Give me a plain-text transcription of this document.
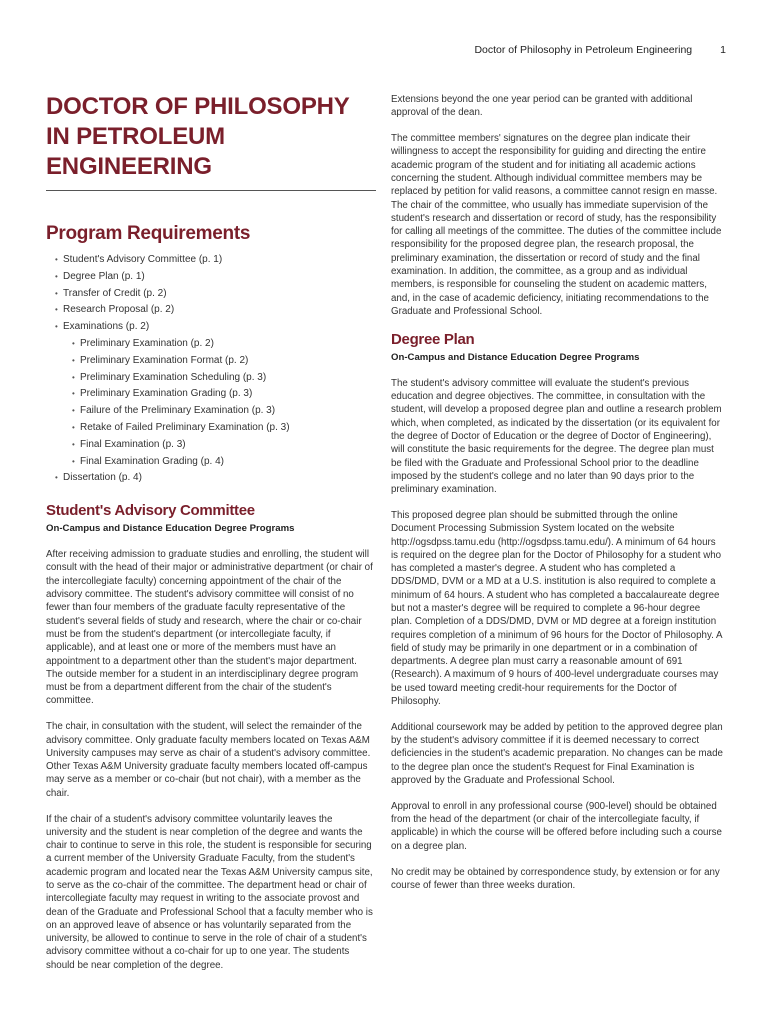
Doctor of Philosophy in Petroleum Engineering	1
DOCTOR OF PHILOSOPHY IN PETROLEUM ENGINEERING
Program Requirements
• Student's Advisory Committee (p. 1)
• Degree Plan (p. 1)
• Transfer of Credit (p. 2)
• Research Proposal (p. 2)
• Examinations (p. 2)
• Preliminary Examination (p. 2)
• Preliminary Examination Format (p. 2)
• Preliminary Examination Scheduling (p. 3)
• Preliminary Examination Grading (p. 3)
• Failure of the Preliminary Examination (p. 3)
• Retake of Failed Preliminary Examination (p. 3)
• Final Examination (p. 3)
• Final Examination Grading (p. 4)
• Dissertation (p. 4)
Student's Advisory Committee
On-Campus and Distance Education Degree Programs

After receiving admission to graduate studies and enrolling, the student will consult with the head of their major or administrative department (or chair of the intercollegiate faculty) concerning appointment of the chair of the advisory committee. The student's advisory committee will consist of no fewer than four members of the graduate faculty representative of the student's several fields of study and research, where the chair or co-chair must be from the student's department (or intercollegiate faculty, if applicable), and at least one or more of the members must have an appointment to a department other than the student's major department. The outside member for a student in an interdisciplinary degree program must be from a department different from the chair of the student's committee.

The chair, in consultation with the student, will select the remainder of the advisory committee. Only graduate faculty members located on Texas A&M University campuses may serve as chair of a student's advisory committee. Other Texas A&M University graduate faculty members located off-campus may serve as a member or co-chair (but not chair), with a member as the chair.

If the chair of a student's advisory committee voluntarily leaves the university and the student is near completion of the degree and wants the chair to continue to serve in this role, the student is responsible for securing a current member of the University Graduate Faculty, from the student's academic program and located near the Texas A&M University campus site, to serve as the co-chair of the committee. The department head or chair of intercollegiate faculty may request in writing to the associate provost and dean of the Graduate and Professional School that a faculty member who is on an approved leave of absence or has voluntarily separated from the university, be allowed to continue to serve in the role of chair of a student's advisory committee without a co-chair for up to one year. The students should be near completion of the degree.

Extensions beyond the one year period can be granted with additional approval of the dean.

The committee members' signatures on the degree plan indicate their willingness to accept the responsibility for guiding and directing the entire academic program of the student and for initiating all academic actions concerning the student. Although individual committee members may be replaced by petition for valid reasons, a committee cannot resign en masse. The chair of the committee, who usually has immediate supervision of the student's research and dissertation or record of study, has the responsibility for calling all meetings of the committee. The duties of the committee include responsibility for the proposed degree plan, the research proposal, the preliminary examination, the dissertation or record of study and the final examination. In addition, the committee, as a group and as individual members, is responsible for counseling the student on academic matters, and, in the case of academic deficiency, initiating recommendations to the Graduate and Professional School.

Degree Plan
On-Campus and Distance Education Degree Programs

The student's advisory committee will evaluate the student's previous education and degree objectives. The committee, in consultation with the student, will develop a proposed degree plan and outline a research problem which, when completed, as indicated by the dissertation (or its equivalent for the degree of Doctor of Education or the degree of Doctor of Engineering), will constitute the basic requirements for the degree. The degree plan must be filed with the Graduate and Professional School prior to the deadline imposed by the student's college and no later than 90 days prior to the preliminary examination.

This proposed degree plan should be submitted through the online Document Processing Submission System located on the website http://ogsdpss.tamu.edu (http://ogsdpss.tamu.edu/). A minimum of 64 hours is required on the degree plan for the Doctor of Philosophy for a student who has completed a master's degree. A student who has completed a DDS/DMD, DVM or a MD at a U.S. institution is also required to complete a minimum of 64 hours. A student who has completed a baccalaureate degree but not a master's degree will be required to complete a 96-hour degree plan. Completion of a DDS/DMD, DVM or MD degree at a foreign institution requires completion of a minimum of 96 hours for the Doctor of Philosophy. A field of study may be primarily in one department or in a combination of departments. A degree plan must carry a reasonable amount of 691 (Research). A maximum of 9 hours of 400-level undergraduate courses may be used toward meeting credit-hour requirements for the Doctor of Philosophy.

Additional coursework may be added by petition to the approved degree plan by the student's advisory committee if it is deemed necessary to correct deficiencies in the student's academic preparation. No changes can be made to the degree plan once the student's Request for Final Examination is approved by the Graduate and Professional School.

Approval to enroll in any professional course (900-level) should be obtained from the head of the department (or chair of the intercollegiate faculty, if applicable) in which the course will be offered before including such a course on a degree plan.

No credit may be obtained by correspondence study, by extension or for any course of fewer than three weeks duration.
